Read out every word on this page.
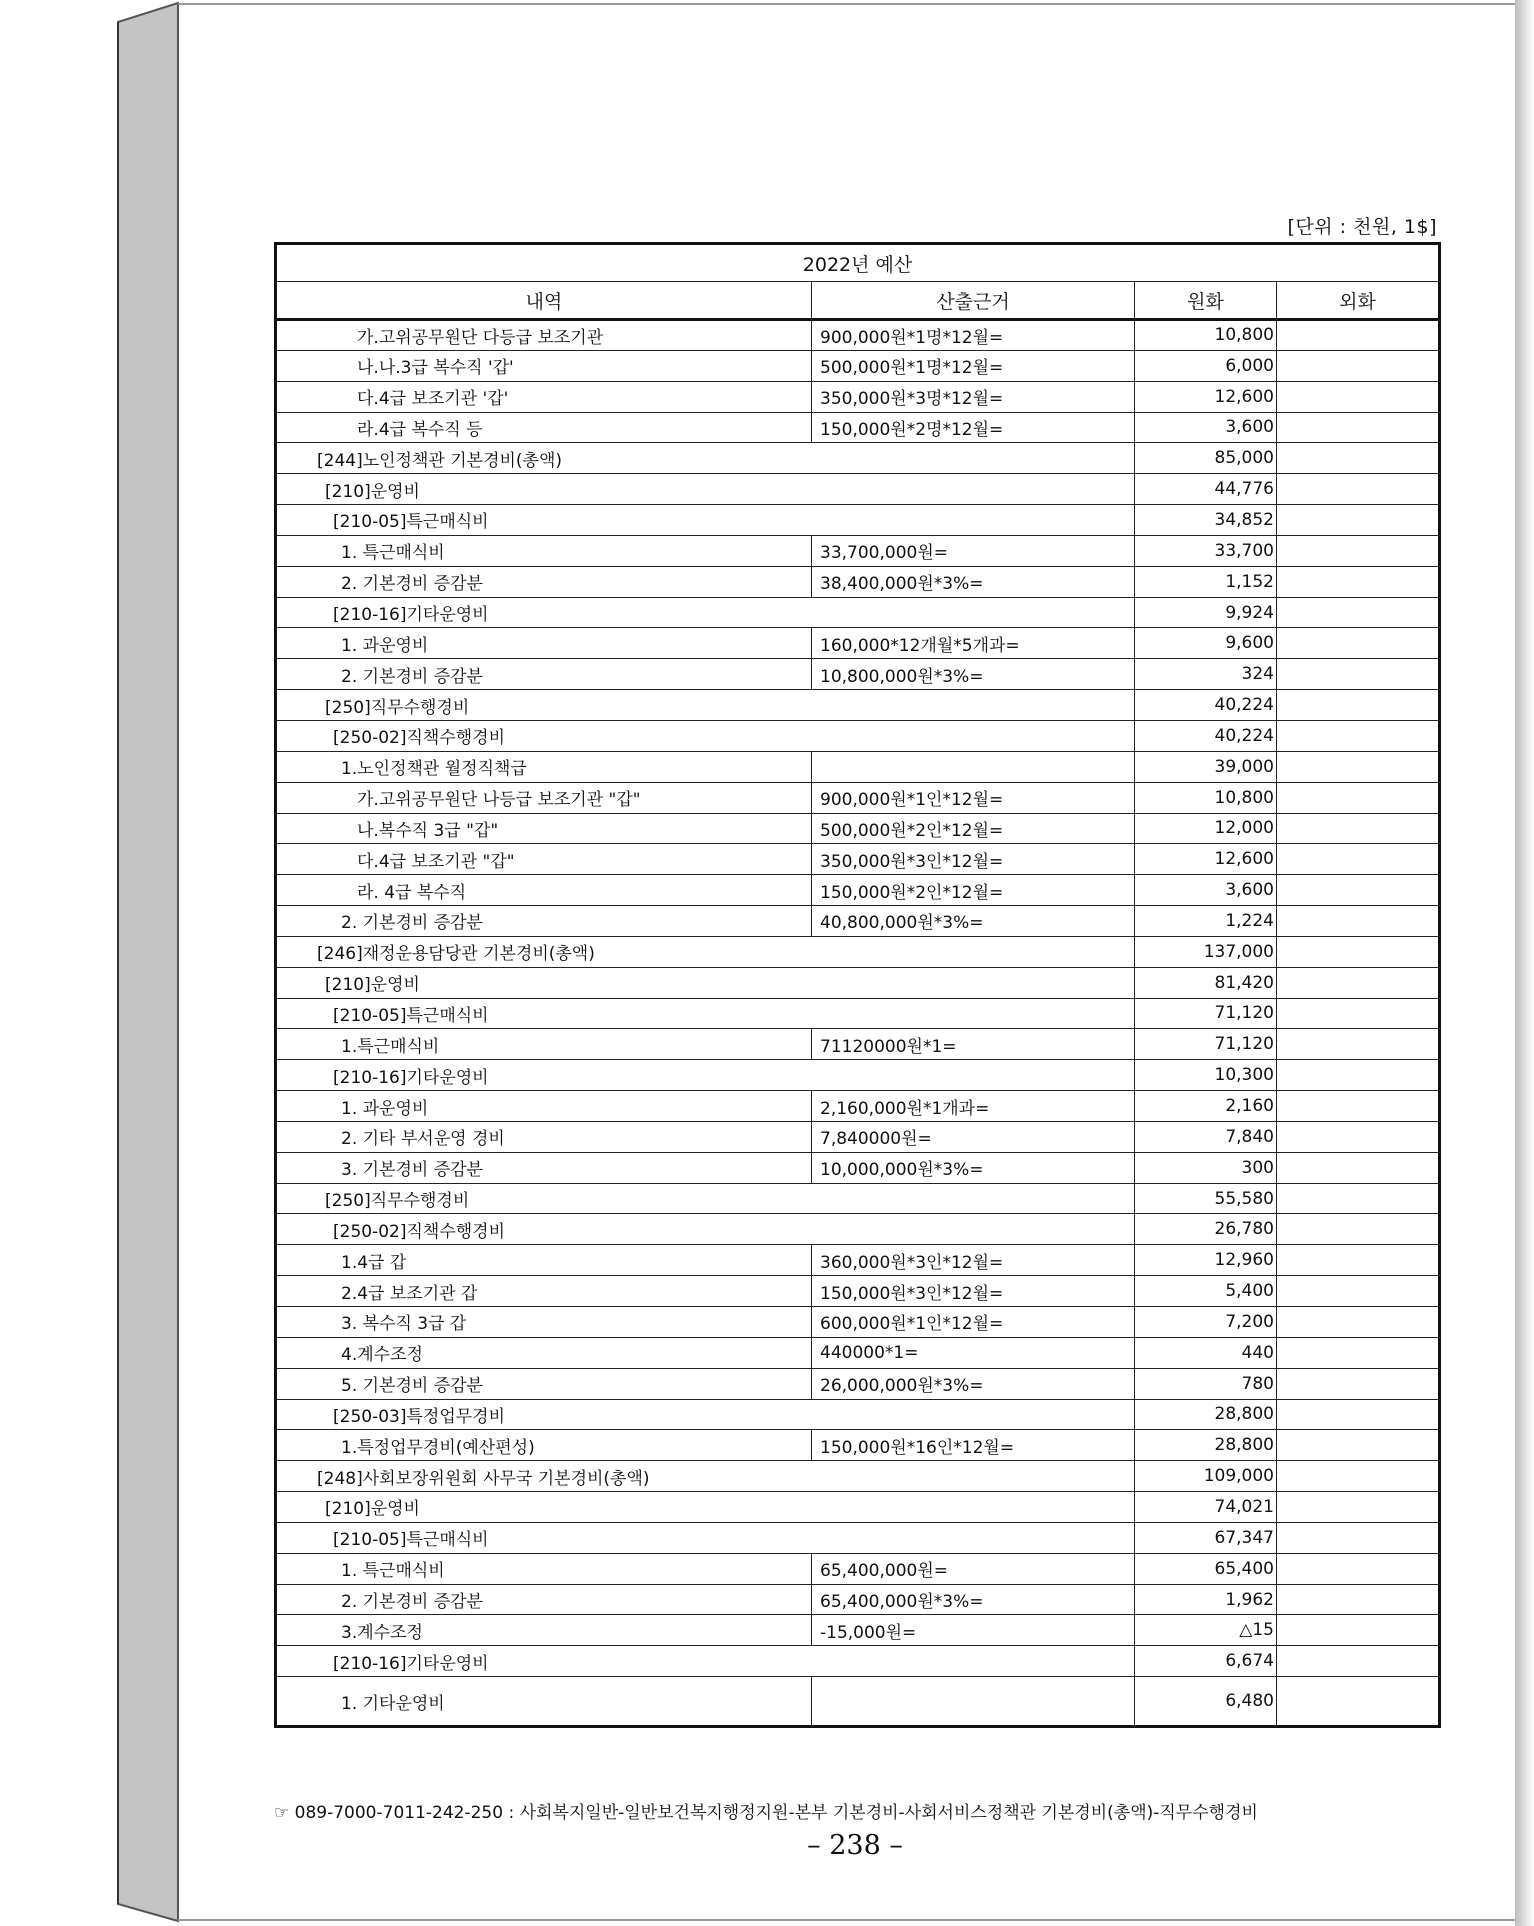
[단위 : 천원, 1$]
2022년 예산			
내역	산출근거	원화	외화
가.고위공무원단 다등급 보조기관	900,000원*1명*12월=	10,800	
나.나.3급 복수직 '갑'	500,000원*1명*12월=	6,000	
다.4급 보조기관 '갑'	350,000원*3명*12월=	12,600	
라.4급 복수직 등	150,000원*2명*12월=	3,600	
[244]노인정책관 기본경비(총액)		85,000	
[210]운영비		44,776	
[210-05]특근매식비		34,852	
1. 특근매식비	33,700,000원=	33,700	
2. 기본경비 증감분	38,400,000원*3%=	1,152	
[210-16]기타운영비		9,924	
1. 과운영비	160,000*12개월*5개과=	9,600	
2. 기본경비 증감분	10,800,000원*3%=	324	
[250]직무수행경비		40,224	
[250-02]직책수행경비		40,224	
1.노인정책관 월정직책급		39,000	
가.고위공무원단 나등급 보조기관 "갑"	900,000원*1인*12월=	10,800	
나.복수직 3급 "갑"	500,000원*2인*12월=	12,000	
다.4급 보조기관 "갑"	350,000원*3인*12월=	12,600	
라. 4급 복수직	150,000원*2인*12월=	3,600	
2. 기본경비 증감분	40,800,000원*3%=	1,224	
[246]재정운용담당관 기본경비(총액)		137,000	
[210]운영비		81,420	
[210-05]특근매식비		71,120	
1.특근매식비	71120000원*1=	71,120	
[210-16]기타운영비		10,300	
1. 과운영비	2,160,000원*1개과=	2,160	
2. 기타 부서운영 경비	7,840000원=	7,840	
3. 기본경비 증감분	10,000,000원*3%=	300	
[250]직무수행경비		55,580	
[250-02]직책수행경비		26,780	
1.4급 갑	360,000원*3인*12월=	12,960	
2.4급 보조기관 갑	150,000원*3인*12월=	5,400	
3. 복수직 3급 갑	600,000원*1인*12월=	7,200	
4.계수조정	440000*1=	440	
5. 기본경비 증감분	26,000,000원*3%=	780	
[250-03]특정업무경비		28,800	
1.특정업무경비(예산편성)	150,000원*16인*12월=	28,800	
[248]사회보장위원회 사무국 기본경비(총액)		109,000	
[210]운영비		74,021	
[210-05]특근매식비		67,347	
1. 특근매식비	65,400,000원=	65,400	
2. 기본경비 증감분	65,400,000원*3%=	1,962	
3.계수조정	-15,000원=	△15	
[210-16]기타운영비		6,674	
1. 기타운영비		6,480	
☞ 089-7000-7011-242-250 : 사회복지일반-일반보건복지행정지원-본부 기본경비-사회서비스정책관 기본경비(총액)-직무수행경비
– 238 –
